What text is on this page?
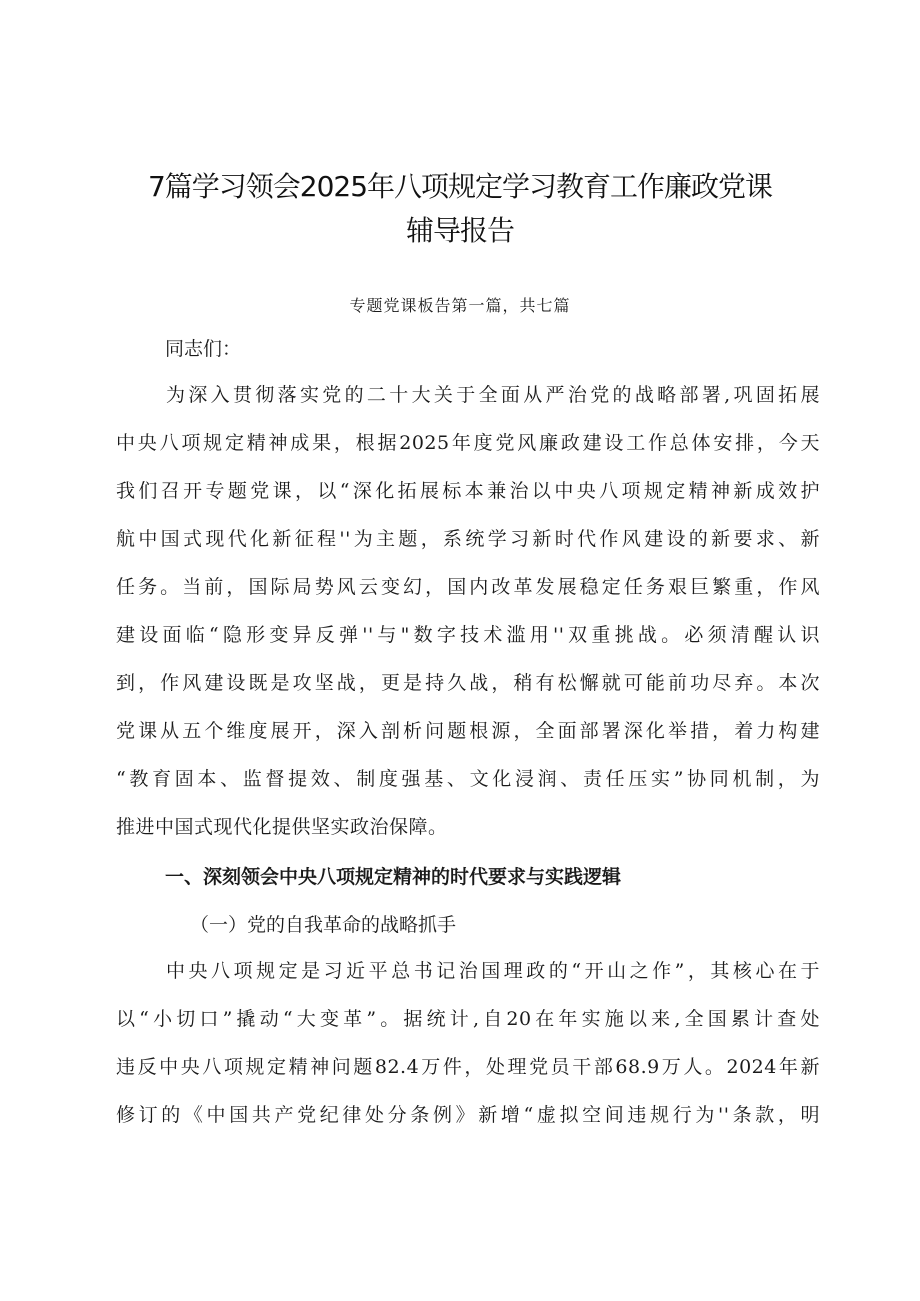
7篇学习领会2025年八项规定学习教育工作廉政党课
辅导报告
专题党课板告第一篇，共七篇
同志们：
为深入贯彻落实党的二十大关于全面从严治党的战略部署,巩固拓展
中央八项规定精神成果，根据2025年度党风廉政建设工作总体安排，今天
我们召开专题党课，以“深化拓展标本兼治以中央八项规定精神新成效护
航中国式现代化新征程''为主题，系统学习新时代作风建设的新要求、新
任务。当前，国际局势风云变幻，国内改革发展稳定任务艰巨繁重，作风
建设面临“隐形变异反弹''与"数字技术滥用''双重挑战。必须清醒认识
到，作风建设既是攻坚战，更是持久战，稍有松懈就可能前功尽弃。本次
党课从五个维度展开，深入剖析问题根源，全面部署深化举措，着力构建
“教育固本、监督提效、制度强基、文化浸润、责任压实”协同机制，为
推进中国式现代化提供坚实政治保障。
一、深刻领会中央八项规定精神的时代要求与实践逻辑
（一）党的自我革命的战略抓手
中央八项规定是习近平总书记治国理政的“开山之作”，其核心在于
以“小切口”撬动“大变革”。据统计,自20在年实施以来,全国累计查处
违反中央八项规定精神问题82.4万件，处理党员干部68.9万人。2024年新
修订的《中国共产党纪律处分条例》新增“虚拟空间违规行为''条款，明
